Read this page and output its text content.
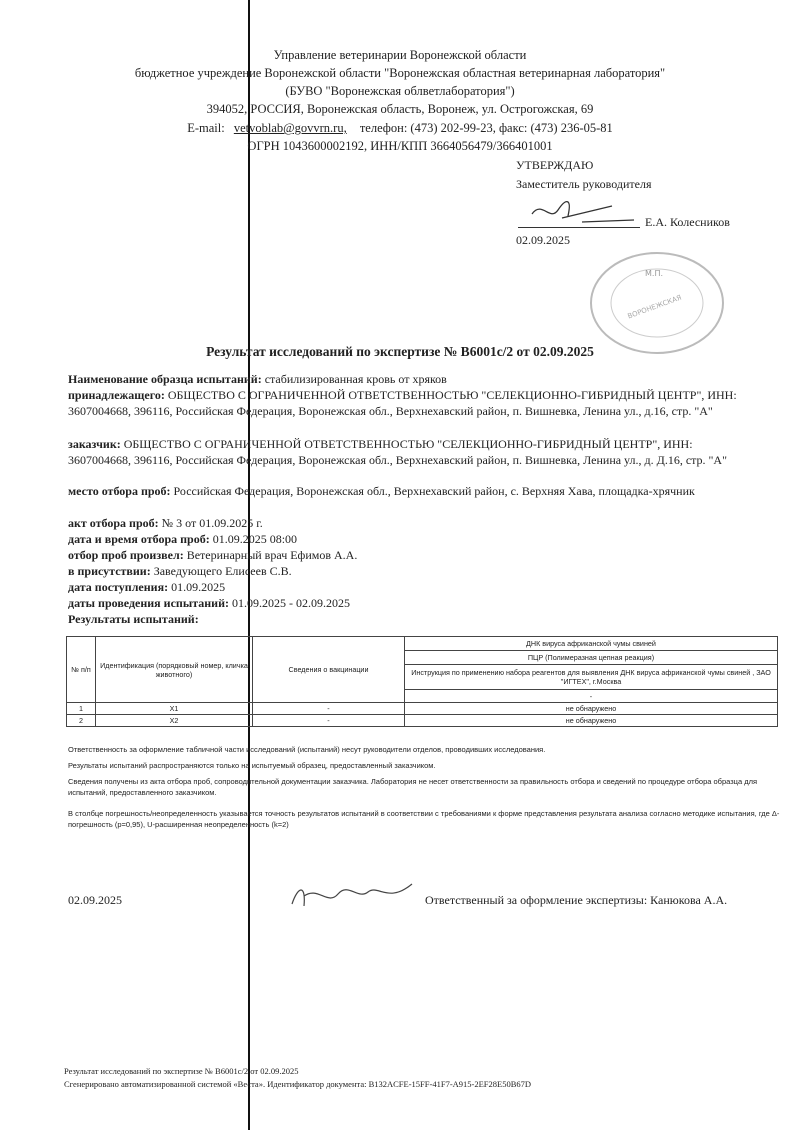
Управление ветеринарии Воронежской области
бюджетное учреждение Воронежской области "Воронежская областная ветеринарная лаборатория"
(БУВО "Воронежская облветлаборатория")
394052, РОССИЯ, Воронежская область, Воронеж, ул. Острогожская, 69
E-mail: vetvoblab@govvrn.ru, телефон: (473) 202-99-23, факс: (473) 236-05-81
ОГРН 1043600002192, ИНН/КПП 3664056479/366401001
УТВЕРЖДАЮ
Заместитель руководителя
Е.А. Колесников
02.09.2025
М.П.
ВОРОНЕЖСКАЯ
Результат исследований по экспертизе № В6001с/2 от 02.09.2025
Наименование образца испытаний: стабилизированная кровь от хряков
принадлежащего: ОБЩЕСТВО С ОГРАНИЧЕННОЙ ОТВЕТСТВЕННОСТЬЮ "СЕЛЕКЦИОННО-ГИБРИДНЫЙ ЦЕНТР", ИНН: 3607004668, 396116, Российская Федерация, Воронежская обл., Верхнехавский район, п. Вишневка, Ленина ул., д.16, стр. "А"
заказчик: ОБЩЕСТВО С ОГРАНИЧЕННОЙ ОТВЕТСТВЕННОСТЬЮ "СЕЛЕКЦИОННО-ГИБРИДНЫЙ ЦЕНТР", ИНН: 3607004668, 396116, Российская Федерация, Воронежская обл., Верхнехавский район, п. Вишневка, Ленина ул., д. Д.16, стр. "А"
место отбора проб: Российская Федерация, Воронежская обл., Верхнехавский район, с. Верхняя Хава, площадка-хрячник
акт отбора проб: № 3 от 01.09.2025 г.
дата и время отбора проб: 01.09.2025 08:00
отбор проб произвел: Ветеринарный врач Ефимов А.А.
в присутствии: Заведующего Елисеев С.В.
дата поступления: 01.09.2025
даты проведения испытаний: 01.09.2025 - 02.09.2025
Результаты испытаний:
№ п/п	Идентификация (порядковый номер, кличка животного)	Сведения о вакцинации	ДНК вируса африканской чумы свиней
			ПЦР (Полимеразная цепная реакция)
			Инструкция по применению набора реагентов для выявления ДНК вируса африканской чумы свиней , ЗАО "ИГТЕХ", г.Москва
			-
1	X1	-	не обнаружено
2	X2	-	не обнаружено
Ответственность за оформление табличной части исследований (испытаний) несут руководители отделов, проводивших исследования.
Результаты испытаний распространяются только на испытуемый образец, предоставленный заказчиком.
Сведения получены из акта отбора проб, сопроводительной документации заказчика. Лаборатория не несет ответственности за правильность отбора и сведений по процедуре отбора образца для испытаний, предоставленного заказчиком.
В столбце погрешность/неопределенность указывается точность результатов испытаний в соответствии с требованиями к форме представления результата анализа согласно методике испытания, где Δ-погрешность (р=0,95), U-расширенная неопределенность (k=2)
02.09.2025	Ответственный за оформление экспертизы: Канюкова А.А.
Результат исследований по экспертизе № В6001с/2 от 02.09.2025
Сгенерировано автоматизированной системой «Веста». Идентификатор документа: B132ACFE-15FF-41F7-A915-2EF28E50B67D
